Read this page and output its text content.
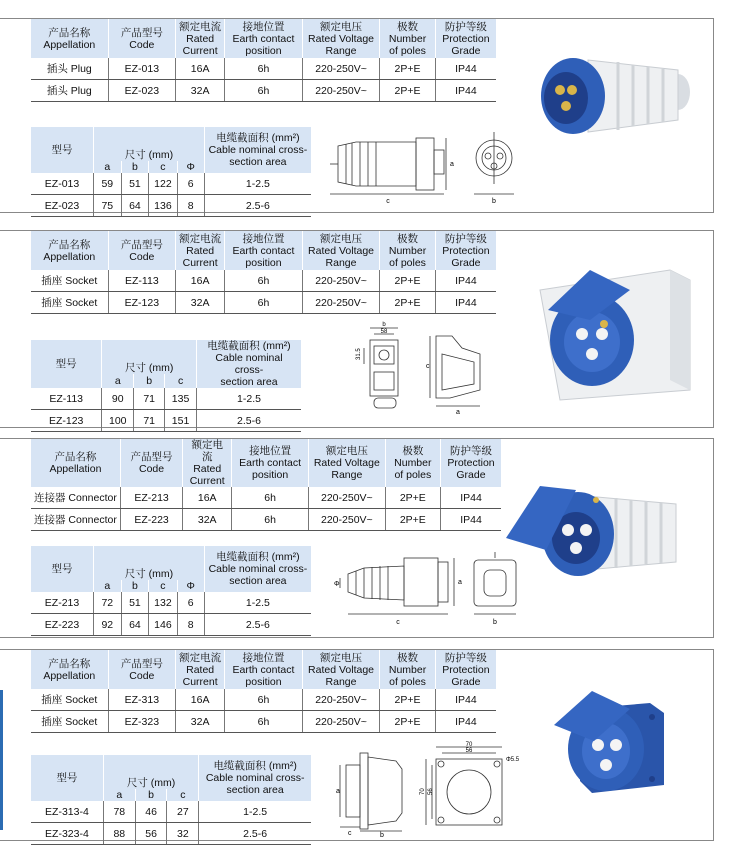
产品名称
Appellation	产品型号
Code	额定电流
Rated
Current	接地位置
Earth contact
position	额定电压
Rated Voltage
Range	极数
Number
of poles	防护等级
Protection
Grade
插头 Plug	EZ-013	16A	6h	220-250V~	2P+E	IP44
插头 Plug	EZ-023	32A	6h	220-250V~	2P+E	IP44
型号	尺寸 (mm)				电缆截面积 (mm²)
Cable nominal cross-
section area
	a	b	c	Φ	
EZ-013	59	51	122	6	1-2.5
EZ-023	75	64	136	8	2.5-6	c
a
b
产品名称
Appellation	产品型号
Code	额定电流
Rated
Current	接地位置
Earth contact
position	额定电压
Rated Voltage
Range	极数
Number
of poles	防护等级
Protection
Grade
插座 Socket	EZ-113	16A	6h	220-250V~	2P+E	IP44
插座 Socket	EZ-123	32A	6h	220-250V~	2P+E	IP44
型号	尺寸 (mm)			电缆截面积 (mm²)
Cable nominal cross-
section area
	a	b	c	
EZ-113	90	71	135	1-2.5
EZ-123	100	71	151	2.5-6
b
58
31.5
c
a
产品名称
Appellation	产品型号
Code	额定电流
Rated
Current	接地位置
Earth contact
position	额定电压
Rated Voltage
Range	极数
Number
of poles	防护等级
Protection
Grade
连接器 Connector	EZ-213	16A	6h	220-250V~	2P+E	IP44
连接器 Connector	EZ-223	32A	6h	220-250V~	2P+E	IP44
型号	尺寸 (mm)				电缆截面积 (mm²)
Cable nominal cross-
section area
	a	b	c	Φ	
EZ-213	72	51	132	6	1-2.5
EZ-223	92	64	146	8	2.5-6
Φ
c
a
b
产品名称
Appellation	产品型号
Code	额定电流
Rated
Current	接地位置
Earth contact
position	额定电压
Rated Voltage
Range	极数
Number
of poles	防护等级
Protection
Grade
插座 Socket	EZ-313	16A	6h	220-250V~	2P+E	IP44
插座 Socket	EZ-323	32A	6h	220-250V~	2P+E	IP44
型号	尺寸 (mm)			电缆截面积 (mm²)
Cable nominal cross-
section area
	a	b	c	
EZ-313-4	78	46	27	1-2.5
EZ-323-4	88	56	32	2.5-6
a
c	b
70
56
70 56
Φ5.5
